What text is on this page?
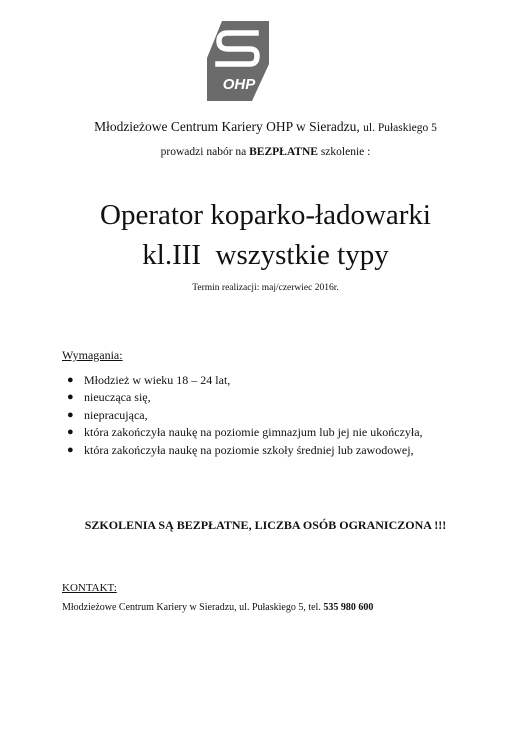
OHP
Młodzieżowe Centrum Kariery OHP w Sieradzu, ul. Pułaskiego 5
prowadzi nabór na BEZPŁATNE szkolenie :
Operator koparko-ładowarki
kl.III  wszystkie typy
Termin realizacji: maj/czerwiec 2016r.
Wymagania:
● Młodzież w wieku 18 – 24 lat,
● nieucząca się,
● niepracująca,
● która zakończyła naukę na poziomie gimnazjum lub jej nie ukończyła,
● która zakończyła naukę na poziomie szkoły średniej lub zawodowej,
SZKOLENIA SĄ BEZPŁATNE, LICZBA OSÓB OGRANICZONA !!!
KONTAKT:
Młodzieżowe Centrum Kariery w Sieradzu, ul. Pułaskiego 5, tel. 535 980 600
